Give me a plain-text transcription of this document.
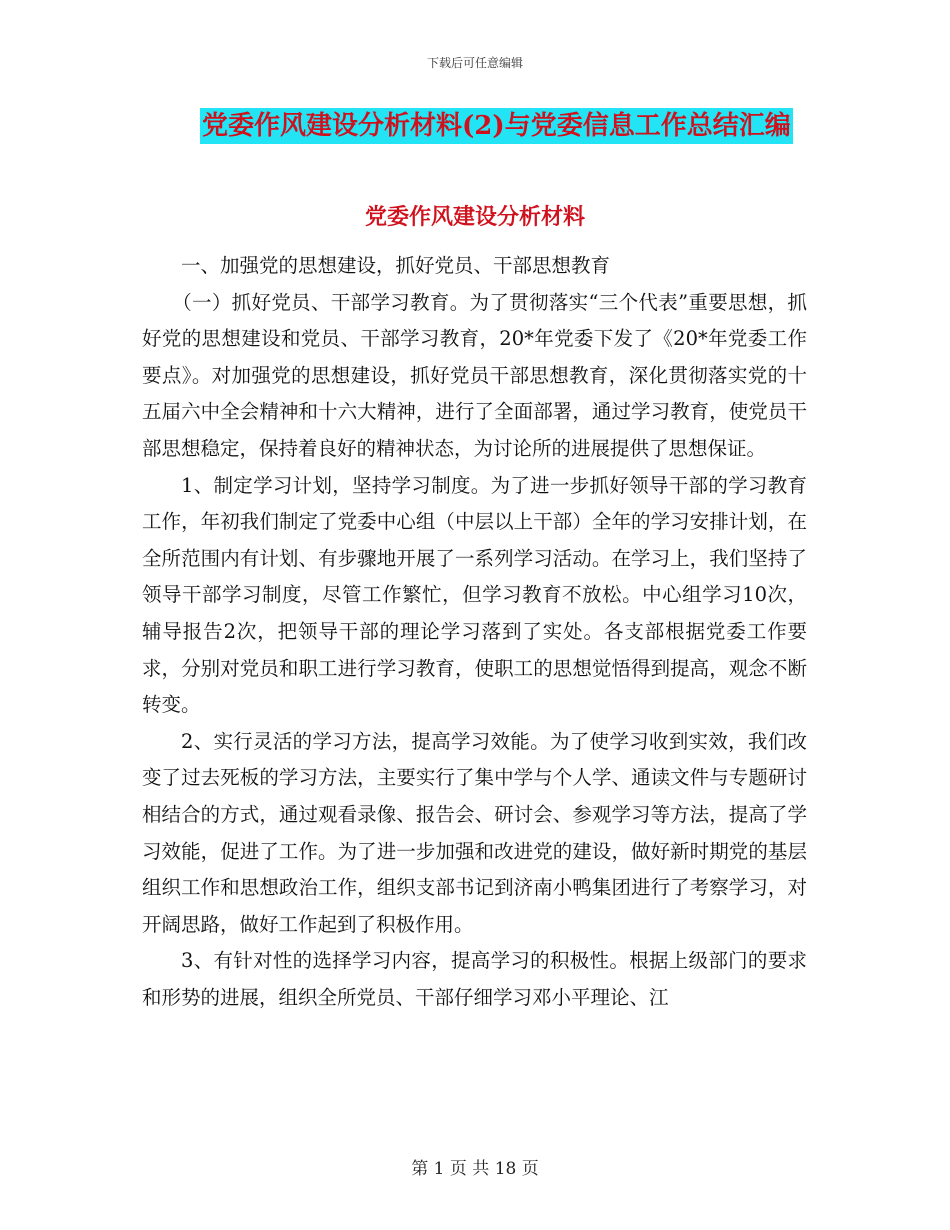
下载后可任意编辑
党委作风建设分析材料(2)与党委信息工作总结汇编
党委作风建设分析材料

一、加强党的思想建设，抓好党员、干部思想教育

（一）抓好党员、干部学习教育。为了贯彻落实“三个代表”重要思想，抓好党的思想建设和党员、干部学习教育，20*年党委下发了《20*年党委工作要点》。对加强党的思想建设，抓好党员干部思想教育，深化贯彻落实党的十五届六中全会精神和十六大精神，进行了全面部署，通过学习教育，使党员干部思想稳定，保持着良好的精神状态，为讨论所的进展提供了思想保证。

1、制定学习计划，坚持学习制度。为了进一步抓好领导干部的学习教育工作，年初我们制定了党委中心组（中层以上干部）全年的学习安排计划，在全所范围内有计划、有步骤地开展了一系列学习活动。在学习上，我们坚持了领导干部学习制度，尽管工作繁忙，但学习教育不放松。中心组学习10次，辅导报告2次，把领导干部的理论学习落到了实处。各支部根据党委工作要求，分别对党员和职工进行学习教育，使职工的思想觉悟得到提高，观念不断转变。

2、实行灵活的学习方法，提高学习效能。为了使学习收到实效，我们改变了过去死板的学习方法，主要实行了集中学与个人学、通读文件与专题研讨相结合的方式，通过观看录像、报告会、研讨会、参观学习等方法，提高了学习效能，促进了工作。为了进一步加强和改进党的建设，做好新时期党的基层组织工作和思想政治工作，组织支部书记到济南小鸭集团进行了考察学习，对开阔思路，做好工作起到了积极作用。

3、有针对性的选择学习内容，提高学习的积极性。根据上级部门的要求和形势的进展，组织全所党员、干部仔细学习邓小平理论、江

第 1 页 共 18 页
